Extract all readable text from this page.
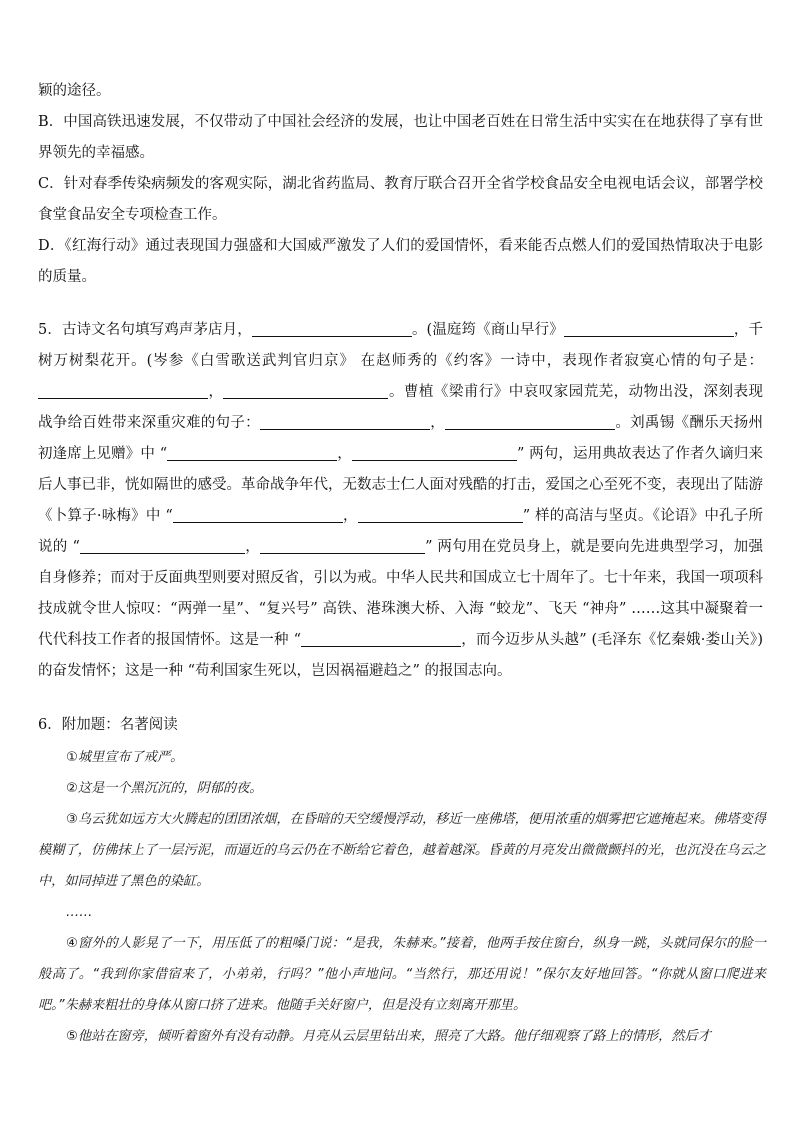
颖的途径。

B．中国高铁迅速发展，不仅带动了中国社会经济的发展，也让中国老百姓在日常生活中实实在在地获得了享有世界领先的幸福感。

C．针对春季传染病频发的客观实际，湖北省药监局、教育厅联合召开全省学校食品安全电视电话会议，部署学校食堂食品安全专项检查工作。

D．《红海行动》通过表现国力强盛和大国威严激发了人们的爱国情怀，看来能否点燃人们的爱国热情取决于电影的质量。

5．古诗文名句填写鸡声茅店月，	。(温庭筠《商山早行》	，千树万树梨花开。(岑参《白雪歌送武判官归京》 在赵师秀的《约客》一诗中，表现作者寂寞心情的句子是：，	。曹植《梁甫行》中哀叹家园荒芜，动物出没，深刻表现战争给百姓带来深重灾难的句子：	，	。刘禹锡《酬乐天扬州初逢席上见赠》中 “	，	” 两句，运用典故表达了作者久谪归来后人事已非，恍如隔世的感受。革命战争年代，无数志士仁人面对残酷的打击，爱国之心至死不变，表现出了陆游《卜算子·咏梅》中 “	，	” 样的高洁与坚贞。《论语》中孔子所说的 “	，	” 两句用在党员身上，就是要向先进典型学习，加强自身修养；而对于反面典型则要对照反省，引以为戒。中华人民共和国成立七十周年了。七十年来，我国一项项科技成就令世人惊叹：“两弹一星”、“复兴号” 高铁、港珠澳大桥、入海 “蛟龙”、飞天 “神舟” ……这其中凝聚着一代代科技工作者的报国情怀。这是一种 “	，而今迈步从头越” (毛泽东《忆秦娥·娄山关》) 的奋发情怀；这是一种 “苟利国家生死以，岂因祸福避趋之” 的报国志向。

6．附加题：名著阅读

①城里宣布了戒严。

②这是一个黑沉沉的，阴郁的夜。

③乌云犹如远方大火腾起的团团浓烟，在昏暗的天空缓慢浮动，移近一座佛塔，便用浓重的烟雾把它遮掩起来。佛塔变得模糊了，仿佛抹上了一层污泥，而逼近的乌云仍在不断给它着色，越着越深。昏黄的月亮发出微微颤抖的光，也沉没在乌云之中，如同掉进了黑色的染缸。

……

④窗外的人影晃了一下，用压低了的粗嗓门说：“是我，朱赫来。”接着，他两手按住窗台，纵身一跳，头就同保尔的脸一般高了。“我到你家借宿来了，小弟弟，行吗？”他小声地问。“当然行，那还用说！”保尔友好地回答。“你就从窗口爬进来吧。”朱赫来粗壮的身体从窗口挤了进来。他随手关好窗户，但是没有立刻离开那里。

⑤他站在窗旁，倾听着窗外有没有动静。月亮从云层里钻出来，照亮了大路。他仔细观察了路上的情形，然后才
